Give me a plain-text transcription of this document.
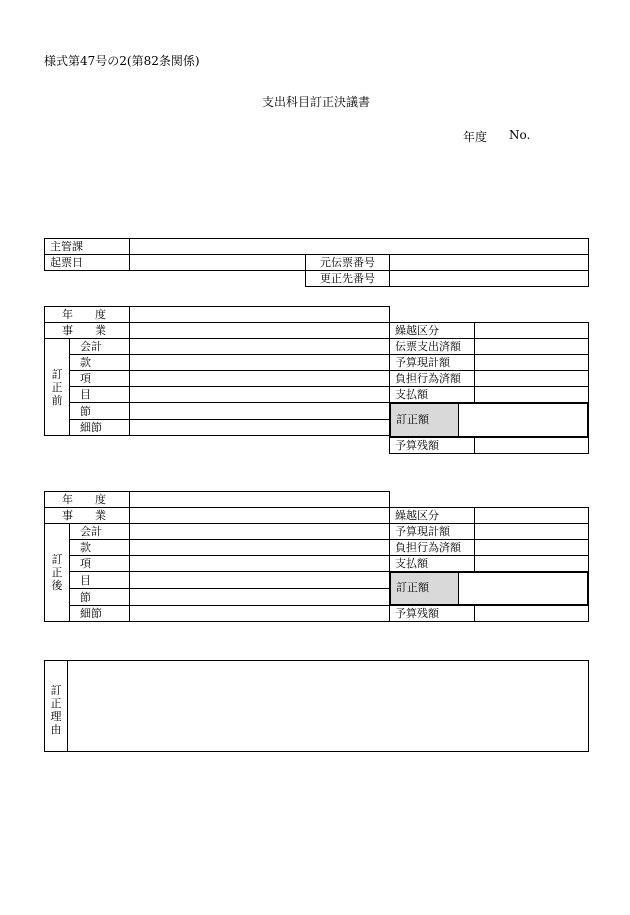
様式第47号の2(第82条関係)
支出科目訂正決議書
年度 No.
主管課
起票日	元伝票番号
更正先番号
年　　度
事　　業
訂
正
前
会計
款
項
目
節
細節
繰越区分
伝票支出済額
予算現計額
負担行為済額
支払額
訂正額
予算残額
年　　度
事　　業
訂
正
後
会計
款
項
目
節
細節
繰越区分
予算現計額
負担行為済額
支払額
訂正額
予算残額
訂
正
理
由
